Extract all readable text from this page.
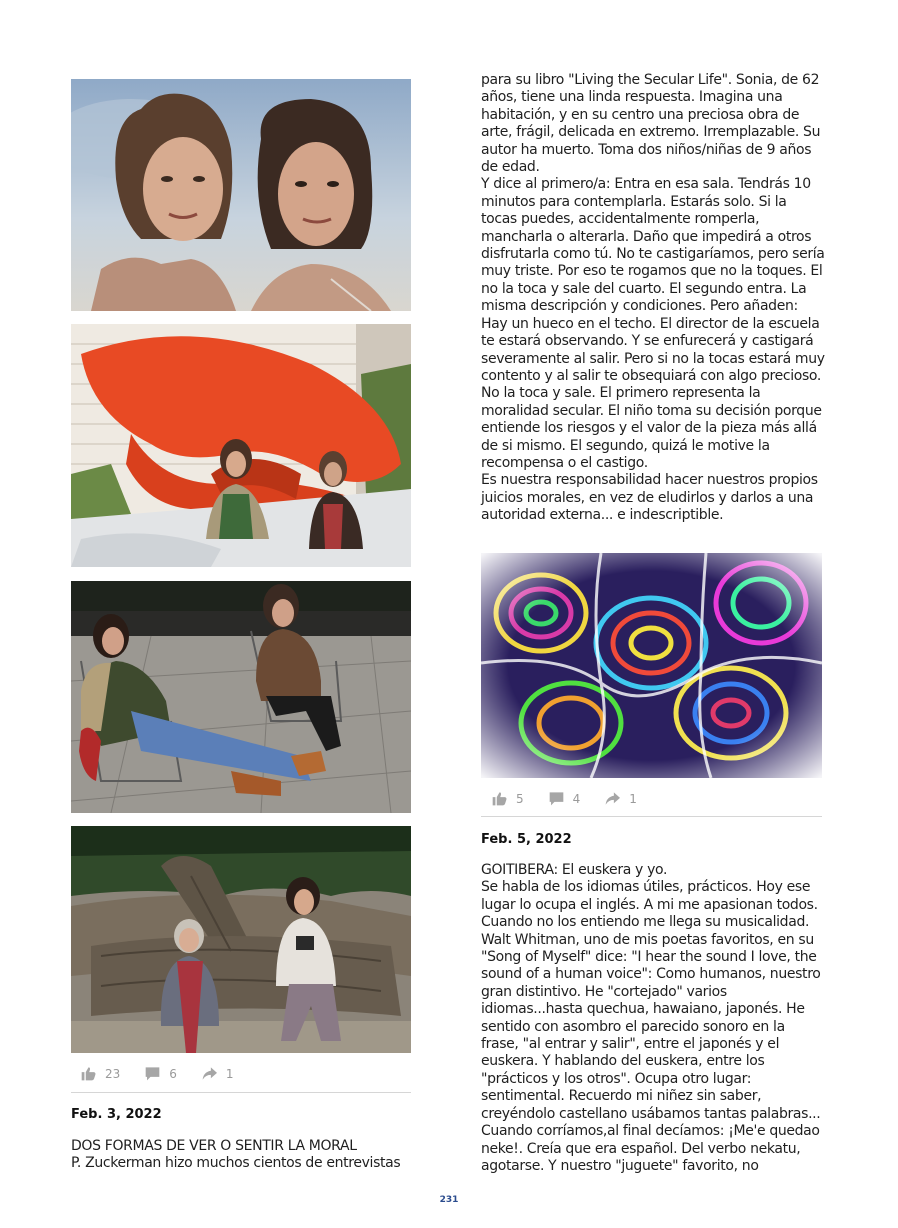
23	6	1
Feb. 3, 2022

DOS FORMAS DE VER O SENTIR LA MORAL

P. Zuckerman hizo muchos cientos de entrevistas

para su libro "Living the Secular Life". Sonia, de 62 años, tiene una linda respuesta. Imagina una habitación, y en su centro una preciosa obra de arte, frágil, delicada en extremo. Irremplazable. Su autor ha muerto. Toma dos niños/niñas de 9 años de edad.

Y dice al primero/a: Entra en esa sala. Tendrás 10 minutos para contemplarla. Estarás solo. Si la tocas puedes, accidentalmente romperla, mancharla o alterarla. Daño que impedirá a otros disfrutarla como tú. No te castigaríamos, pero sería muy triste. Por eso te rogamos que no la toques. El no la toca y sale del cuarto. El segundo entra. La misma descripción y condiciones. Pero añaden: Hay un hueco en el techo. El director de la escuela te estará observando. Y se enfurecerá y castigará severamente al salir. Pero si no la tocas estará muy contento y al salir te obsequiará con algo precioso.

No la toca y sale. El primero representa la moralidad secular. El niño toma su decisión porque entiende los riesgos y el valor de la pieza más allá de si mismo. El segundo, quizá le motive la recompensa o el castigo.

Es nuestra responsabilidad hacer nuestros propios juicios morales, en vez de eludirlos y darlos a una autoridad externa... e indescriptible.

5	4	1
Feb. 5, 2022

GOITIBERA: El euskera y yo.

Se habla de los idiomas útiles, prácticos. Hoy ese lugar lo ocupa el inglés. A mi me apasionan todos. Cuando no los entiendo me llega su musicalidad. Walt Whitman, uno de mis poetas favoritos, en su "Song of Myself" dice: "I hear the sound I love, the sound of a human voice": Como humanos, nuestro gran distintivo. He "cortejado" varios idiomas...hasta quechua, hawaiano, japonés. He sentido con asombro el parecido sonoro en la frase, "al entrar y salir", entre el japonés y el euskera. Y hablando del euskera, entre los "prácticos y los otros". Ocupa otro lugar: sentimental. Recuerdo mi niñez sin saber, creyéndolo castellano usábamos tantas palabras... Cuando corríamos,al final decíamos: ¡Me'e quedao neke!. Creía que era español. Del verbo nekatu, agotarse. Y nuestro "juguete" favorito, no

231
